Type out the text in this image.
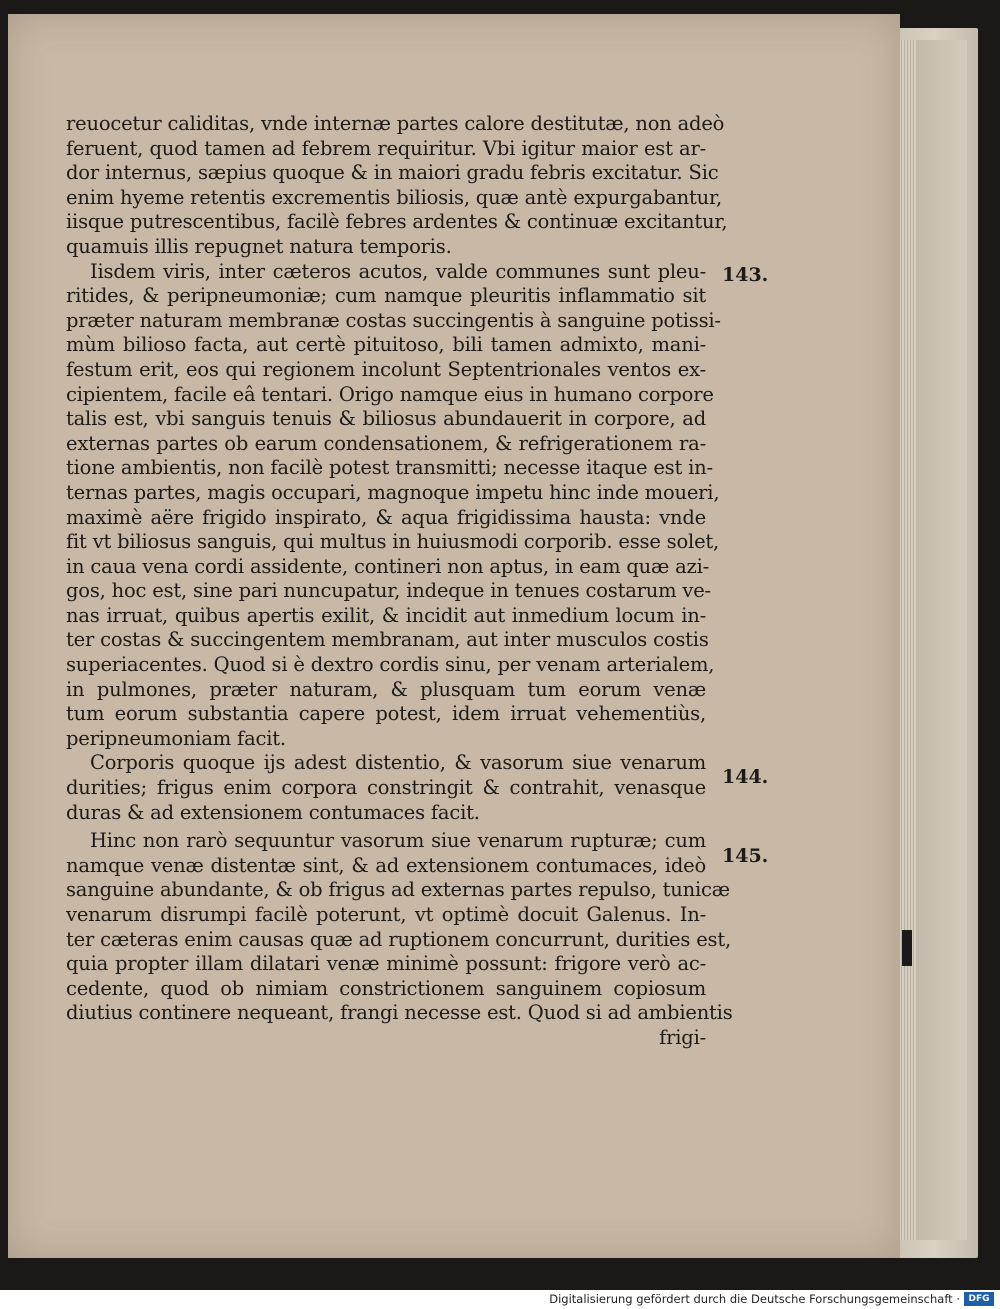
reuocetur caliditas, vnde internæ partes calore destitutæ, non adeò
feruent, quod tamen ad febrem requiritur. Vbi igitur maior est ar-
dor internus, sæpius quoque & in maiori gradu febris excitatur. Sic
enim hyeme retentis excrementis biliosis, quæ antè expurgabantur,
iisque putrescentibus, facilè febres ardentes & continuæ excitantur,
quamuis illis repugnet natura temporis.
Iisdem viris, inter cæteros acutos, valde communes sunt pleu-
ritides, & peripneumoniæ; cum namque pleuritis inflammatio sit
præter naturam membranæ costas succingentis à sanguine potissi-
mùm bilioso facta, aut certè pituitoso, bili tamen admixto, mani-
festum erit, eos qui regionem incolunt Septentrionales ventos ex-
cipientem, facile eâ tentari. Origo namque eius in humano corpore
talis est, vbi sanguis tenuis & biliosus abundauerit in corpore, ad
externas partes ob earum condensationem, & refrigerationem ra-
tione ambientis, non facilè potest transmitti; necesse itaque est in-
ternas partes, magis occupari, magnoque impetu hinc inde moueri,
maximè aëre frigido inspirato, & aqua frigidissima hausta: vnde
fit vt biliosus sanguis, qui multus in huiusmodi corporib. esse solet,
in caua vena cordi assidente, contineri non aptus, in eam quæ azi-
gos, hoc est, sine pari nuncupatur, indeque in tenues costarum ve-
nas irruat, quibus apertis exilit, & incidit aut inmedium locum in-
ter costas & succingentem membranam, aut inter musculos costis
superiacentes. Quod si è dextro cordis sinu, per venam arterialem,
in pulmones, præter naturam, & plusquam tum eorum venæ
tum eorum substantia capere potest, idem irruat vehementiùs,
peripneumoniam facit.
Corporis quoque ijs adest distentio, & vasorum siue venarum
durities; frigus enim corpora constringit & contrahit, venasque
duras & ad extensionem contumaces facit.
Hinc non rarò sequuntur vasorum siue venarum rupturæ; cum
namque venæ distentæ sint, & ad extensionem contumaces, ideò
sanguine abundante, & ob frigus ad externas partes repulso, tunicæ
venarum disrumpi facilè poterunt, vt optimè docuit Galenus. In-
ter cæteras enim causas quæ ad ruptionem concurrunt, durities est,
quia propter illam dilatari venæ minimè possunt: frigore verò ac-
cedente, quod ob nimiam constrictionem sanguinem copiosum
diutius continere nequeant, frangi necesse est. Quod si ad ambientis
frigi-
143.
144.
145.
Digitalisierung gefördert durch die Deutsche Forschungsgemeinschaft · DFG
